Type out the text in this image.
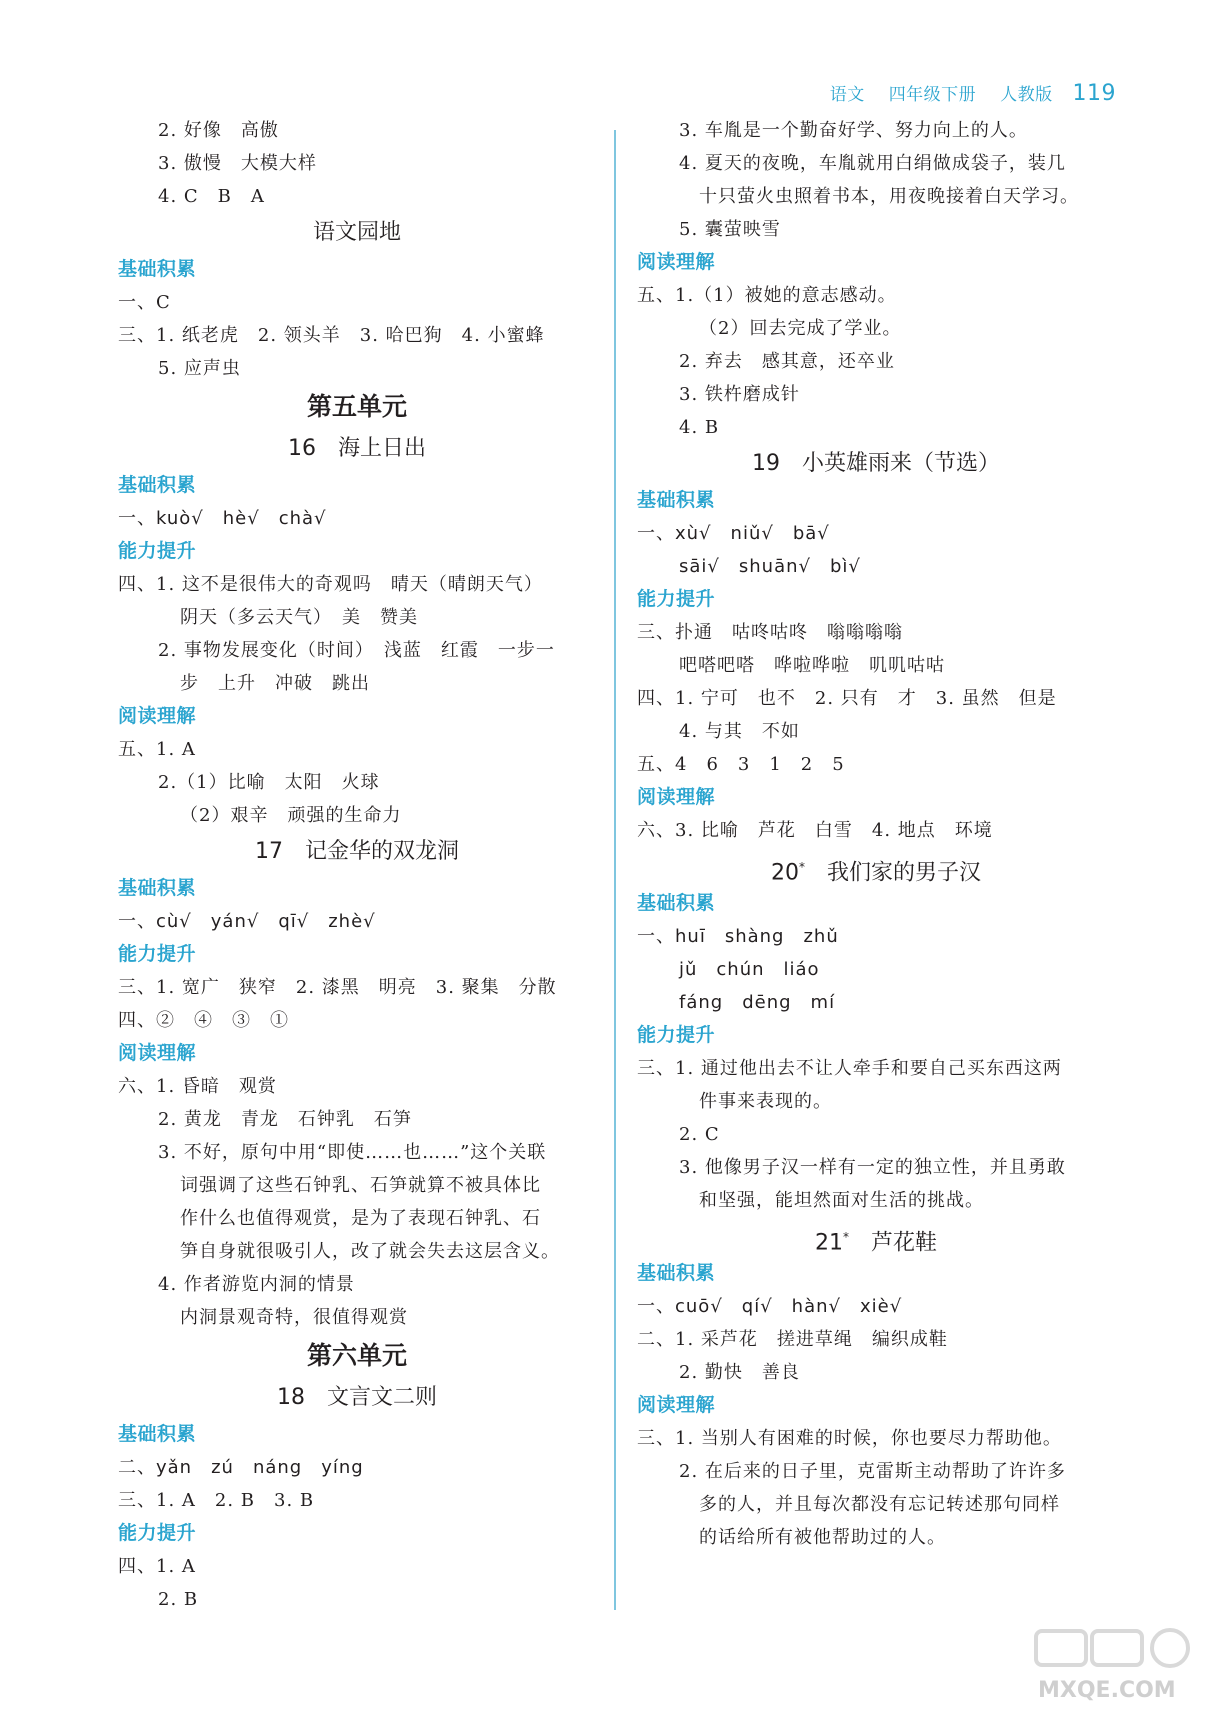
语文 四年级下册 人教版 119
2. 好像　高傲
3. 傲慢　大模大样
4. C　B　A
语文园地
基础积累
一、C
三、1. 纸老虎　2. 领头羊　3. 哈巴狗　4. 小蜜蜂
5. 应声虫
第五单元
16　海上日出
基础积累
一、kuò√　hè√　chà√
能力提升
四、1. 这不是很伟大的奇观吗　晴天（晴朗天气）
阴天（多云天气）　美　赞美
2. 事物发展变化（时间）　浅蓝　红霞　一步一
步　上升　冲破　跳出
阅读理解
五、1. A
2.（1）比喻　太阳　火球
（2）艰辛　顽强的生命力
17　记金华的双龙洞
基础积累
一、cù√　yán√　qī√　zhè√
能力提升
三、1. 宽广　狭窄　2. 漆黑　明亮　3. 聚集　分散
四、②　④　③　①
阅读理解
六、1. 昏暗　观赏
2. 黄龙　青龙　石钟乳　石笋
3. 不好，原句中用“即使……也……”这个关联
词强调了这些石钟乳、石笋就算不被具体比
作什么也值得观赏，是为了表现石钟乳、石
笋自身就很吸引人，改了就会失去这层含义。
4. 作者游览内洞的情景
内洞景观奇特，很值得观赏
第六单元
18　文言文二则
基础积累
二、yǎn　zú　náng　yíng
三、1. A　2. B　3. B
能力提升
四、1. A
2. B
3. 车胤是一个勤奋好学、努力向上的人。
4. 夏天的夜晚，车胤就用白绢做成袋子，装几
十只萤火虫照着书本，用夜晚接着白天学习。
5. 囊萤映雪
阅读理解
五、1.（1）被她的意志感动。
（2）回去完成了学业。
2. 弃去　感其意，还卒业
3. 铁杵磨成针
4. B
19　小英雄雨来（节选）
基础积累
一、xù√　niǔ√　bā√
sāi√　shuān√　bì√
能力提升
三、扑通　咕咚咕咚　嗡嗡嗡嗡
吧嗒吧嗒　哗啦哗啦　叽叽咕咕
四、1. 宁可　也不　2. 只有　才　3. 虽然　但是
4. 与其　不如
五、4　6　3　1　2　5
阅读理解
六、3. 比喻　芦花　白雪　4. 地点　环境
20*　 我们家的男子汉
基础积累
一、huī　shàng　zhǔ
jǔ　chún　liáo
fáng　dēng　mí
能力提升
三、1. 通过他出去不让人牵手和要自己买东西这两
件事来表现的。
2. C
3. 他像男子汉一样有一定的独立性，并且勇敢
和坚强，能坦然面对生活的挑战。
21*　 芦花鞋
基础积累
一、cuō√　qí√　hàn√　xiè√
二、1. 采芦花　搓进草绳　编织成鞋
2. 勤快　善良
阅读理解
三、1. 当别人有困难的时候，你也要尽力帮助他。
2. 在后来的日子里，克雷斯主动帮助了许许多
多的人，并且每次都没有忘记转述那句同样
的话给所有被他帮助过的人。
MXQE.COM
